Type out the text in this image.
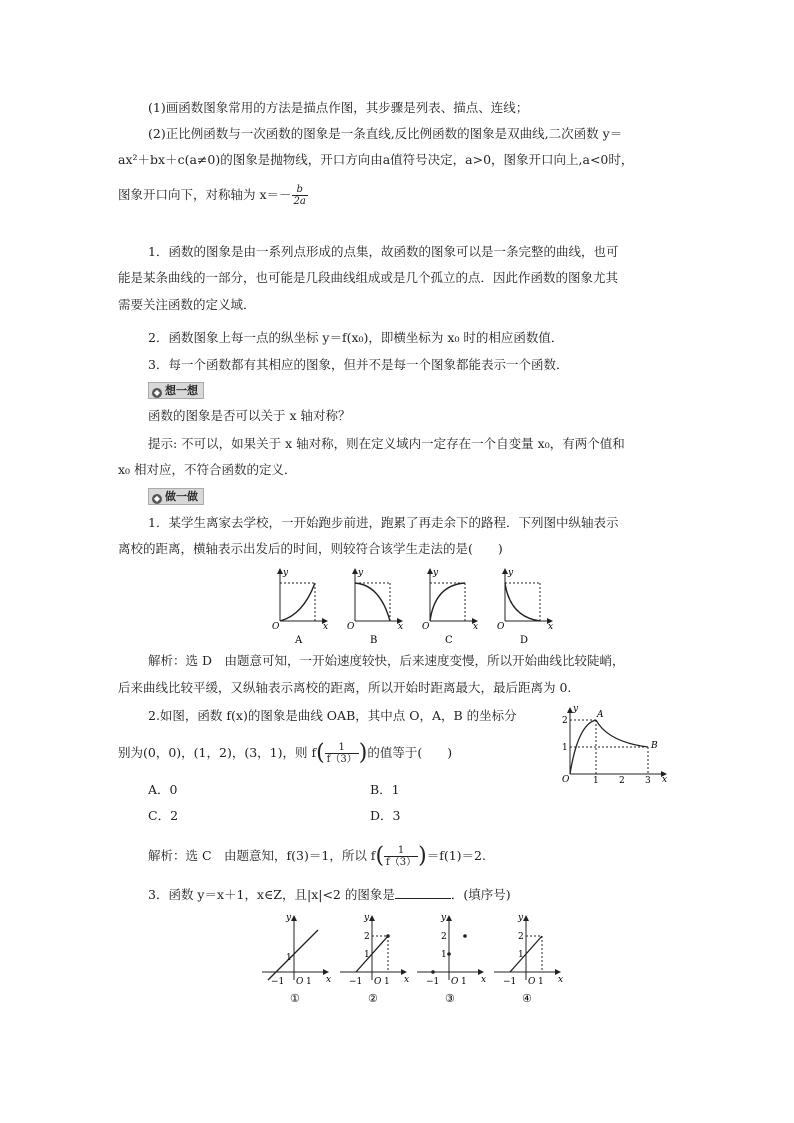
(1)画函数图象常用的方法是描点作图，其步骤是列表、描点、连线；
(2)正比例函数与一次函数的图象是一条直线,反比例函数的图象是双曲线,二次函数 y＝
ax²＋bx＋c(a≠0)的图象是抛物线，开口方向由a值符号决定，a>0，图象开口向上,a<0时，
图象开口向下，对称轴为 $x=- \frac{b}{2a}$
1．函数的图象是由一系列点形成的点集，故函数的图象可以是一条完整的曲线，也可
能是某条曲线的一部分，也可能是几段曲线组成或是几个孤立的点．因此作函数的图象尤其
需要关注函数的定义域．
2．函数图象上每一点的纵坐标 y＝f(x₀)，即横坐标为 x₀ 时的相应函数值．
3．每一个函数都有其相应的图象，但并不是每一个图象都能表示一个函数．
◆ 想一想
函数的图象是否可以关于 x 轴对称？
提示: 不可以，如果关于 x 轴对称，则在定义域内一定存在一个自变量 x₀，有两个值和
x₀ 相对应，不符合函数的定义．
◆ 做一做
1．某学生离家去学校，一开始跑步前进，跑累了再走余下的路程．下列图中纵轴表示
离校的距离，横轴表示出发后的时间，则较符合该学生走法的是(　　)
O
y
x
A
O
y
x
B
O
y
x
C
O
y
x
D
解析：选 D　由题意可知，一开始速度较快，后来速度变慢，所以开始曲线比较陡峭，
后来曲线比较平缓，又纵轴表示离校的距离，所以开始时距离最大，最后距离为 0.
2.如图，函数 f(x)的图象是曲线 OAB，其中点 O，A，B 的坐标分
别为(0，0)，(1，2)，(3，1)，则 $f( \frac{1}{f(3)}$ )的值等于(　　)
O
y
x
1 2 3
1
2
A
B
A．0	B．1
C．2	D．3
解析：选 C　由题意知，f(3)＝1，所以 $f( \frac{1}{f(3)} )=f(1)=2$.
3．函数 y＝x＋1，x∈Z，且|x|<2 的图象是	．(填序号)
y
x
1
−1 O 1
①
y
x
2
1
−1 O 1
②
y
x
2
1
−1 O 1
③
y
x
2
1
−1 O 1
④
